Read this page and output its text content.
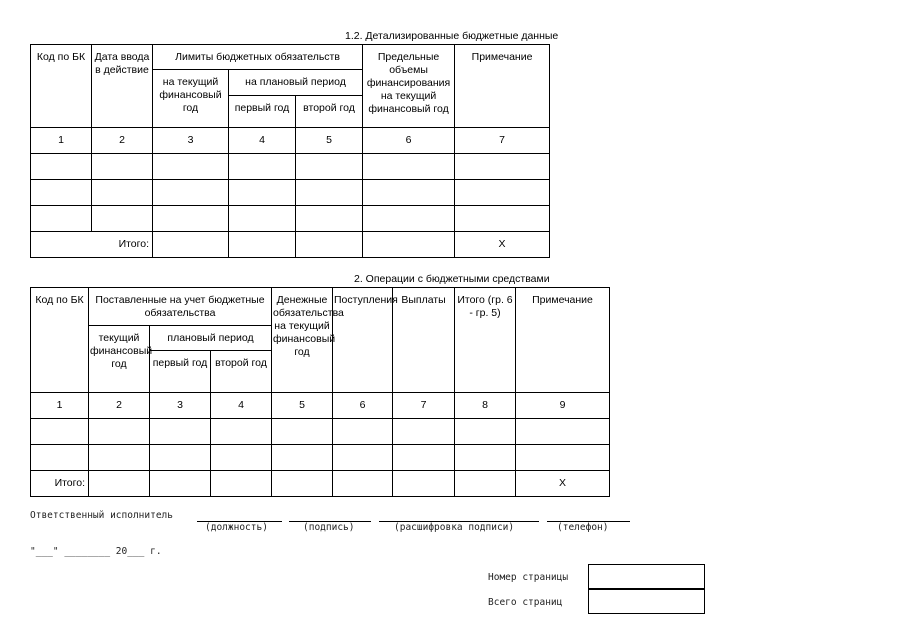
1.2. Детализированные бюджетные данные
Код по БК	Дата ввода в действие	Лимиты бюджетных обязательств			Предельные объемы финансирования на текущий финансовый год	Примечание
		на текущий финансовый год	на плановый период			
			первый год	второй год		
1	2	3	4	5	6	7

Итого:						X
2. Операции с бюджетными средствами
Код по БК	Поставленные на учет бюджетные обязательства			Денежные обязательства на текущий финансовый год	Поступления	Выплаты	Итого (гр. 6 - гр. 5)	Примечание
	текущий финансовый год	плановый период						
		первый год	второй год					
1	2	3	4	5	6	7	8	9

Итого:								X
Ответственный исполнитель
(должность)	(подпись)	(расшифровка подписи)	(телефон)
"___" ________ 20___ г.
Номер страницы
Всего страниц
